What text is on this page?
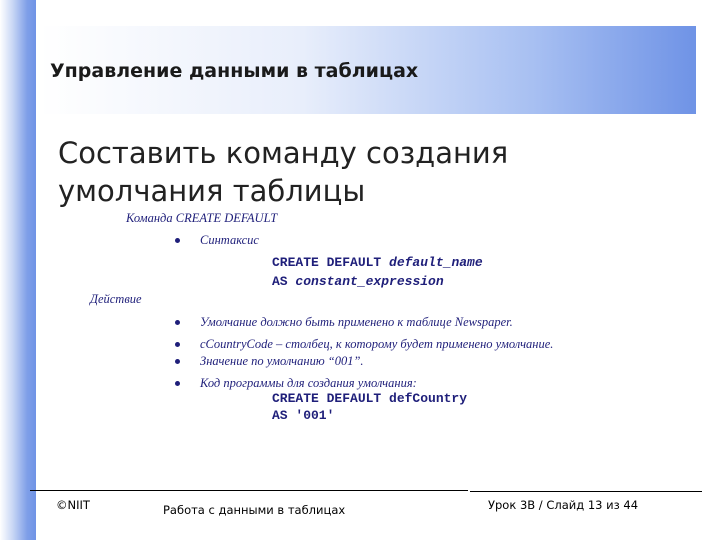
Управление данными в таблицах
Составить команду создания умолчания таблицы
Команда CREATE DEFAULT
Синтаксис
CREATE DEFAULT default_name
AS constant_expression
Действие
Умолчание должно быть применено к таблице Newspaper.
cCountryCode – столбец, к которому будет применено умолчание.
Значение по умолчанию “001”.
Код программы для создания умолчания:
CREATE DEFAULT defCountry
AS '001'
©NIIT	Работа с данными в таблицах	Урок 3B / Слайд 13 из 44
